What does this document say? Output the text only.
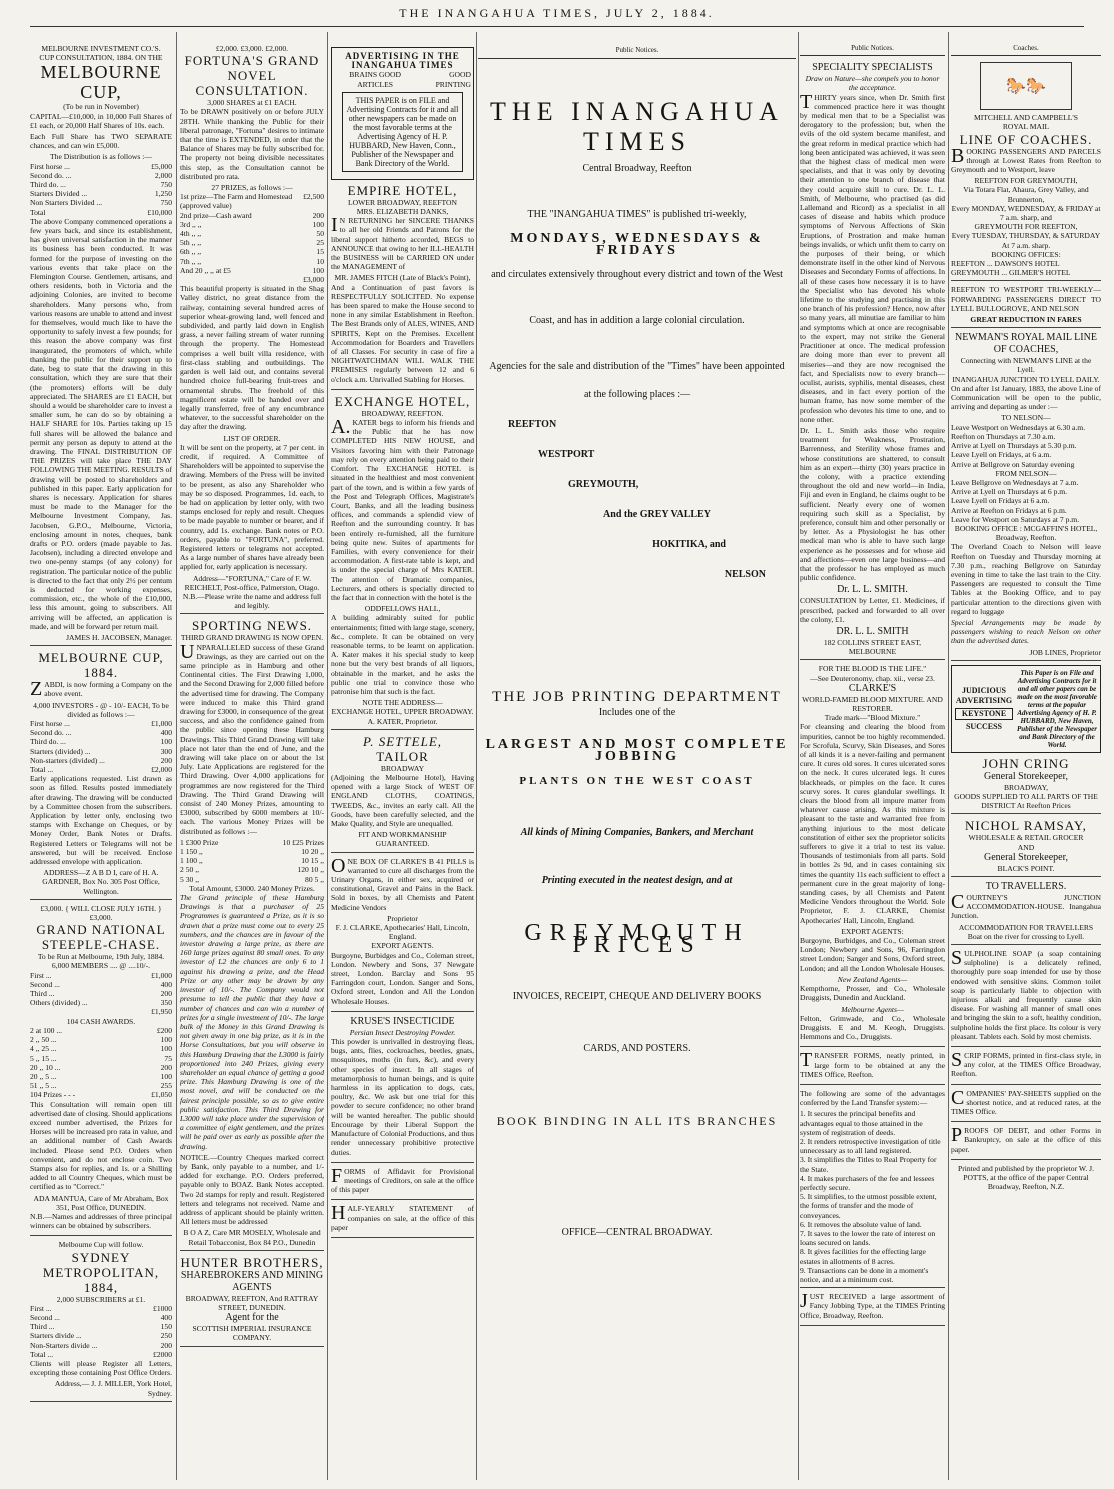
THE INANGAHUA TIMES, JULY 2, 1884.
MELBOURNE INVESTMENT CO.'S.
CUP CONSULTATION, 1884. ON THE
MELBOURNE CUP,
(To be run in November)

CAPITAL—£10,000, in 10,000 Full Shares of £1 each, or 20,000 Half Shares of 10s. each.

Each Full Share has TWO SEPARATE chances, and can win £5,000.

The Distribution is as follows :—
First horse ...	£5,000
Second do. ...	2,000
Third do. ...	750
Starters Divided ...	1,250
Non Starters Divided ...	750
Total	£10,000

The above Company commenced operations a few years back, and since its establishment, has given universal satisfaction in the manner its business has been conducted. It was formed for the purpose of investing on the various events that take place on the Flemington Course. Gentlemen, artisans, and others residents, both in Victoria and the adjoining Colonies, are invited to become shareholders. Many persons who, from various reasons are unable to attend and invest for themselves, would much like to have the opportunity to safely invest a few pounds; for this reason the above company was first inaugurated, the promoters of which, while thanking the public for their support up to date, beg to state that the drawing in this consultation, which they are sure that their (the promoters) efforts will be duly appreciated. The SHARES are £1 EACH, but should a would be shareholder care to invest a smaller sum, he can do so by obtaining a HALF SHARE for 10s. Parties taking up 15 full shares will be allowed the balance and permit any person as deputy to attend at the drawing. The FINAL DISTRIBUTION OF THE PRIZES will take place THE DAY FOLLOWING THE MEETING. RESULTS of drawing will be posted to shareholders and published in this paper. Early application for shares is necessary. Application for shares must be made to the Manager for the Melbourne Investment Company, Jas. Jacobsen, G.P.O., Melbourne, Victoria, enclosing amount in notes, cheques, bank drafts or P.O. orders (made payable to Jas. Jacobsen), including a directed envelope and two one-penny stamps (of any colony) for registration. The particular notice of the public is directed to the fact that only 2½ per centum is deducted for working expenses, commission, etc., the whole of the £10,000, less this amount, going to subscribers. All arriving will be affected, an application is made, and will be forward per return mail.

JAMES H. JACOBSEN, Manager.
MELBOURNE CUP, 1884.

ZABDI, is now forming a Company on the above event.

4,000 INVESTORS - @ - 10/- EACH, To be divided as follows :—
First horse ...	£1,000
Second do. ...	400
Third do. ...	100
Starters (divided) ...	300
Non-starters (divided) ...	200
Total ...	£2,000

Early applications requested. List drawn as soon as filled. Results posted immediately after drawing. The drawing will be conducted by a Committee chosen from the subscribers. Application by letter only, enclosing two stamps with Exchange on Cheques, or by Money Order, Bank Notes or Drafts. Registered Letters or Telegrams will not be answered, but will be received. Enclose addressed envelope with application.

ADDRESS—Z A B D I, care of H. A. GARDNER, Box No. 305 Post Office, Wellington.
£3,000. { WILL CLOSE JULY 16TH. } £3,000.
GRAND NATIONAL STEEPLE-CHASE.
To be Run at Melbourne, 19th July, 1884.
6,000 MEMBERS .... @ ....10/-.
First ...	£1,000
Second ...	400
Third ...	200
Others (divided) ...	350
£1,950
104 CASH AWARDS.
2 at 100 ...	£200
2 ,, 50 ...	100
4 ,, 25 ...	100
5 ,, 15 ...	75
20 ,, 10 ...	200
20 ,, 5 ...	100
51 ,, 5 ...	255
104 Prizes - - -	£1,050

This Consultation will remain open till advertised date of closing. Should applications exceed number advertised, the Prizes for Horses will be increased pro rata in value, and an additional number of Cash Awards included. Please send P.O. Orders when convenient, and do not enclose coin. Two Stamps also for replies, and 1s. or a Shilling added to all Country Cheques, which must be certified as to "Correct."

ADA MANTUA, Care of Mr Abraham, Box 351, Post Office, DUNEDIN.

N.B.—Names and addresses of three principal winners can be obtained by subscribers.

Melbourne Cup will follow.
SYDNEY METROPOLITAN, 1884,
2,000 SUBSCRIBERS at £1.
First ...	£1000
Second ...	400
Third ...	150
Starters divide ...	250
Non-Starters divide ...	200
Total ...	£2000

Clients will please Register all Letters, excepting those containing Post Office Orders.

Address,— J. J. MILLER, York Hotel, Sydney.
£2,000. £3,000. £2,000.
FORTUNA'S GRAND NOVEL CONSULTATION.
3,000 SHARES at £1 EACH.

To be DRAWN positively on or before JULY 28TH. While thanking the Public for their liberal patronage, "Fortuna" desires to intimate that the time is EXTENDED, in order that the Balance of Shares may be fully subscribed for. The property not being divisible necessitates this step, as the Consultation cannot be distributed pro rata.

27 PRIZES, as follows :—
1st prize—The Farm and Homestead (approved value)
£2,500
2nd prize—Cash award	200
3rd ,, ,,	100
4th ,, ,,	50
5th ,, ,,	25
6th ,, ,,	15
7th ,, ,,	10
And 20 ,, ,, at £5	100
£3,000

This beautiful property is situated in the Shag Valley district, no great distance from the railway, containing several hundred acres of superior wheat-growing land, well fenced and subdivided, and partly laid down in English grass, a never failing stream of water running through the property. The Homestead comprises a well built villa residence, with first-class stabling and outbuildings. The garden is well laid out, and contains several hundred choice full-bearing fruit-trees and ornamental shrubs. The freehold of this magnificent estate will be handed over and legally transferred, free of any encumbrance whatever, to the successful shareholder on the day after the drawing.

LIST OF ORDER.

It will be sent on the property, at 7 per cent. in credit, if required. A Committee of Shareholders will be appointed to supervise the drawing. Members of the Press will be invited to be present, as also any Shareholder who may be so disposed. Programmes, 1d. each, to be had on application by letter only, with two stamps enclosed for reply and result. Cheques to be made payable to number or bearer, and if country, add 1s. exchange. Bank notes or P.O. orders, payable to "FORTUNA", preferred. Registered letters or telegrams not accepted. As a large number of shares have already been applied for, early application is necessary.

Address—"FORTUNA," Care of F. W. REICHELT, Post-office, Palmerston, Otago. N.B.—Please write the name and address full and legibly.
SPORTING NEWS.
THIRD GRAND DRAWING IS NOW OPEN.

UNPARALLELED success of these Grand Drawings, as they are carried out on the same principle as in Hamburg and other Continental cities. The First Drawing 1,000, and the Second Drawing for 2,000 filled before the advertised time for drawing. The Company were induced to make this Third grand drawing for £3000, in consequence of the great success, and also the confidence gained from the public since opening these Hamburg Drawings. This Third Grand Drawing will take place not later than the end of June, and the drawing will take place on or about the 1st July. Late Applications are registered for the Third Drawing. Over 4,000 applications for programmes are now registered for the Third Drawing. The Third Grand Drawing will consist of 240 Money Prizes, amounting to £3000, subscribed by 6000 members at 10/- each. The various Money Prizes will be distributed as follows :—

1 £300 Prize	10 £25 Prizes
1 150 ,,	10 20 ,,
1 100 ,,	10 15 ,,
2 50 ,,	120 10 ,,
5 30 ,,	80 5 ,,
Total Amount, £3000. 240 Money Prizes.

The Grand principle of these Hamburg Drawings is that a purchaser of 25 Programmes is guaranteed a Prize, as it is so drawn that a prize must come out to every 25 numbers, and the chances are in favour of the investor drawing a large prize, as there are 160 large prizes against 80 small ones. To any investor of L2 the chances are only 6 to 1 against his drawing a prize, and the Head Prize or any other may be drawn by any investor of 10/-. The Company would not presume to tell the public that they have a number of chances and can win a number of prizes for a single investment of 10/-. The large bulk of the Money in this Grand Drawing is not given away in one big prize, as it is in the Horse Consultations, but you will observe in this Hamburg Drawing that the L3000 is fairly proportioned into 240 Prizes, giving every shareholder an equal chance of getting a good prize. This Hamburg Drawing is one of the most novel, and will be conducted on the fairest principle possible, so as to give entire public satisfaction. This Third Drawing for L3000 will take place under the supervision of a committee of eight gentlemen, and the prizes will be paid over as early as possible after the drawing.

NOTICE.—Country Cheques marked correct by Bank, only payable to a number, and 1/- added for exchange. P.O. Orders preferred, payable only to BOAZ. Bank Notes accepted. Two 2d stamps for reply and result. Registered letters and telegrams not received. Name and address of applicant should be plainly written. All letters must be addressed

B O A Z, Care MR MOSELY, Wholesale and Retail Tobacconist, Box 84 P.O., Dunedin
HUNTER BROTHERS,
SHAREBROKERS AND MINING AGENTS
BROADWAY, REEFTON, And RATTRAY STREET, DUNEDIN.
Agent for the
SCOTTISH IMPERIAL INSURANCE COMPANY.
ADVERTISING IN THE INANGAHUA TIMES
BRAINS GOOD ARTICLES
GOOD PRINTING
THIS PAPER is on FILE and Advertising Contracts for it and all other newspapers can be made on the most favorable terms at the Advertising Agency of H. P. HUBBARD, New Haven, Conn., Publisher of the Newspaper and Bank Directory of the World.
EMPIRE HOTEL,
LOWER BROADWAY, REEFTON
MRS. ELIZABETH DANKS,

IN RETURNING her SINCERE THANKS to all her old Friends and Patrons for the liberal support hitherto accorded, BEGS to ANNOUNCE that owing to her ILL-HEALTH the BUSINESS will be CARRIED ON under the MANAGEMENT of

MR. JAMES FITCH (Late of Black's Point),

And a Continuation of past favors is RESPECTFULLY SOLICITED. No expense has been spared to make the House second to none in any similar Establishment in Reefton. The Best Brands only of ALES, WINES, AND SPIRITS, Kept on the Premises. Excellent Accommodation for Boarders and Travellers of all Classes. For security in case of fire a NIGHTWATCHMAN WILL WALK THE PREMISES regularly between 12 and 6 o'clock a.m. Unrivalled Stabling for Horses.

EXCHANGE HOTEL,
BROADWAY, REEFTON.

A.KATER begs to inform his friends and the Public that he has now COMPLETED HIS NEW HOUSE, and Visitors favoring him with their Patronage may rely on every attention being paid to their Comfort. The EXCHANGE HOTEL is situated in the healthiest and most convenient part of the town, and is within a few yards of the Post and Telegraph Offices, Magistrate's Court, Banks, and all the leading business offices, and commands a splendid view of Reefton and the surrounding country. It has been entirely re-furnished, all the furniture being quite new. Suites of apartments for Families, with every convenience for their accommodation. A first-rate table is kept, and is under the special charge of Mrs KATER. The attention of Dramatic companies, Lecturers, and others is specially directed to the fact that in connection with the hotel is the

ODDFELLOWS HALL,

A building admirably suited for public entertainments; fitted with large stage, scenery, &c., complete. It can be obtained on very reasonable terms, to be learnt on application. A. Kater makes it his special study to keep none but the very best brands of all liquors, obtainable in the market, and he asks the public one trial to convince those who patronise him that such is the fact.

NOTE THE ADDRESS—
EXCHANGE HOTEL, UPPER BROADWAY. A. KATER, Proprietor.
P. SETTELE,
TAILOR
BROADWAY

(Adjoining the Melbourne Hotel), Having opened with a large Stock of WEST OF ENGLAND CLOTHS, COATINGS, TWEEDS, &c., invites an early call. All the Goods, have been carefully selected, and the Make Quality, and Style are unequalled.

FIT AND WORKMANSHIP GUARANTEED.

ONE BOX OF CLARKE'S B 41 PILLS is warranted to cure all discharges from the Urinary Organs, in either sex, acquired or constitutional, Gravel and Pains in the Back. Sold in boxes, by all Chemists and Patent Medicine Vendors

Proprietor
F. J. CLARKE, Apothecaries' Hall, Lincoln, England.
EXPORT AGENTS.

Burgoyne, Burbidges and Co., Coleman street, London. Newbery and Sons, 37 Newgate street, London. Barclay and Sons 95 Farringdon court, London. Sanger and Sons, Oxford street, London and All the London Wholesale Houses.

KRUSE'S INSECTICIDE
Persian Insect Destroying Powder.

This powder is unrivalled in destroying fleas, bugs, ants, flies, cockroaches, beetles, gnats, mosquitoes, moths (in furs, &c), and every other species of insect. In all stages of metamorphosis to human beings, and is quite harmless in its application to dogs, cats, poultry, &c. We ask but one trial for this powder to secure confidence; no other brand will be wanted hereafter. The public should Encourage by their Liberal Support the Manufacture of Colonial Productions, and thus render unnecessary prohibitive protective duties.

FORMS of Affidavit for Provisional meetings of Creditors, on sale at the office of this paper

HALF-YEARLY STATEMENT of companies on sale, at the office of this paper

Public Notices.
THE INANGAHUA TIMES
Central Broadway, Reefton
THE "INANGAHUA TIMES" is published tri-weekly,
MONDAYS, WEDNESDAYS & FRIDAYS
and circulates extensively throughout every district and town of the West
Coast, and has in addition a large colonial circulation.
Agencies for the sale and distribution of the "Times" have been appointed
at the following places :—
REEFTON
WESTPORT
GREYMOUTH,
And the GREY VALLEY
HOKITIKA, and
NELSON
THE JOB PRINTING DEPARTMENT
Includes one of the
LARGEST AND MOST COMPLETE JOBBING
PLANTS ON THE WEST COAST
All kinds of Mining Companies, Bankers, and Merchant
Printing executed in the neatest design, and at
GREYMOUTH PRICES
INVOICES, RECEIPT, CHEQUE AND DELIVERY BOOKS
CARDS, AND POSTERS.
BOOK BINDING IN ALL ITS BRANCHES
OFFICE—CENTRAL BROADWAY.
Public Notices.
SPECIALITY SPECIALISTS
Draw on Nature—she compels you to honor the acceptance.

THIRTY years since, when Dr. Smith first commenced practice here it was thought by medical men that to be a Specialist was derogatory to the profession; but, when the evils of the old system became manifest, and the great reform in medical practice which had long been anticipated was achieved, it was seen that the highest class of medical men were specialists, and that it was only by devoting their attention to one branch of disease that they could acquire skill to cure. Dr. L. L. Smith, of Melbourne, who practised (as did Lallemand and Ricord) as a specialist in all cases of disease and habits which produce symptoms of Nervous Affections of Skin Eruptions, of Prostration and make human beings invalids, or which unfit them to carry on the purposes of their being, or which demonstrate itself in the other kind of Nervous Diseases and Secondary Forms of affections. In all of these cases how necessary it is to have the Specialist who has devoted his whole lifetime to the studying and practising in this one branch of his profession? Hence, now after so many years, all minutiae are familiar to him and symptoms which at once are recognisable to the expert, may not strike the General Practitioner at once. The medical profession are doing more than ever to prevent all miseries—and they are now recognised the fact, and Specialists now to every branch—oculist, aurists, syphilis, mental diseases, chest diseases, and in fact every portion of the human frame, has now some member of the profession who devotes his time to one, and to none other.

Dr. L. L. Smith asks those who require treatment for Weakness, Prostration, Barrenness, and Sterility whose frames and whose constitutions are shattered, to consult him as an expert—thirty (30) years practice in the colony, with a practice extending throughout the old and new world—in India, Fiji and even in England, he claims ought to be sufficient. Nearly every one of women requiring such skill as a Specialist, by preference, consult him and other personally or by letter. As a Physiologist he has other medical man who is able to have such large experience as he possesses and for whose aid and affections—even one large business—and that the professor he has employed as much public confidence.

Dr. L. L. SMITH.

CONSULTATION by Letter, £1. Medicines, if prescribed, packed and forwarded to all over the colony, £1.

DR. L. L. SMITH
182 COLLINS STREET EAST, MELBOURNE
FOR THE BLOOD IS THE LIFE."
—See Deuteronomy, chap. xii., verse 23.
CLARKE'S
WORLD-FAMED BLOOD MIXTURE. AND RESTORER.
Trade mark—"Blood Mixture."

For cleansing and clearing the blood from impurities, cannot be too highly recommended. For Scrofula, Scurvy, Skin Diseases, and Sores of all kinds it is a never-failing and permanent cure. It cures old sores. It cures ulcerated sores on the neck. It cures ulcerated legs. It cures blackheads, or pimples on the face. It cures scurvy sores. It cures glandular swellings. It clears the blood from all impure matter from whatever cause arising. As this mixture is pleasant to the taste and warranted free from anything injurious to the most delicate constitution of either sex the proprietor solicits sufferers to give it a trial to test its value. Thousands of testimonials from all parts. Sold in bottles 2s 9d, and in cases containing six times the quantity 11s each sufficient to effect a permanent cure in the great majority of long-standing cases, by all Chemists and Patent Medicine Vendors throughout the World. Sole Proprietor, F. J. CLARKE, Chemist Apothecaries' Hall, Lincoln, England.

EXPORT AGENTS:

Burgoyne, Burbidges, and Co., Coleman street London; Newbery and Sons, 96, Farringdon street London; Sanger and Sons, Oxford street, London; and all the London Wholesale Houses.

New Zealand Agents—

Kempthorne, Prosser, and Co., Wholesale Druggists, Dunedin and Auckland.

Melbourne Agents—

Felton, Grimwade, and Co., Wholesale Druggists. E and M. Keogh, Druggists. Hemmons and Co., Druggists.

TRANSFER FORMS, neatly printed, in large form to be obtained at any the TIMES Office, Reefton.

The following are some of the advantages conferred by the Land Transfer system:—

1. It secures the principal benefits and advantages equal to those attained in the system of registration of deeds.
2. It renders retrospective investigation of title unnecessary as to all land registered.
3. It simplifies the Titles to Real Property for the State.
4. It makes purchasers of the fee and lessees perfectly secure.
5. It simplifies, to the utmost possible extent, the forms of transfer and the mode of conveyances.
6. It removes the absolute value of land.
7. It saves to the lower the rate of interest on loans secured on lands.
8. It gives facilities for the effecting large estates in allotments of 8 acres.
9. Transactions can be done in a moment's notice, and at a minimum cost.

JUST RECEIVED a large assortment of Fancy Jobbing Type, at the TIMES Printing Office, Broadway, Reefton.

Coaches.
🐎🐎
MITCHELL AND CAMPBELL'S
ROYAL MAIL
LINE OF COACHES.

BOOKING PASSENGERS AND PARCELS through at Lowest Rates from Reefton to Greymouth and to Westport, leave

REEFTON FOR GREYMOUTH,
Via Totara Flat, Ahaura, Grey Valley, and Brunnerton,
Every MONDAY, WEDNESDAY, & FRIDAY at 7 a.m. sharp, and
GREYMOUTH FOR REEFTON,
Every TUESDAY, THURSDAY, & SATURDAY At 7 a.m. sharp.
BOOKING OFFICES:
REEFTON ... DAWSON'S HOTEL
GREYMOUTH ... GILMER'S HOTEL

REEFTON TO WESTPORT TRI-WEEKLY—FORWARDING PASSENGERS DIRECT TO LYELL BULLOGROVE, AND NELSON

GREAT REDUCTION IN FARES
NEWMAN'S ROYAL MAIL LINE OF COACHES,
Connecting with NEWMAN'S LINE at the Lyell.
INANGAHUA JUNCTION TO LYELL DAILY.

On and after 1st January, 1883, the above Line of Communication will be open to the public, arriving and departing as under :—

TO NELSON—
Leave Westport on Wednesdays at 6.30 a.m.
Reefton on Thursdays at 7.30 a.m.
Arrive at Lyell on Thursdays at 5.30 p.m.
Leave Lyell on Fridays, at 6 a.m.
Arrive at Bellgrove on Saturday evening
FROM NELSON—
Leave Bellgrove on Wednesdays at 7 a.m.
Arrive at Lyell on Thursdays at 6 p.m.
Leave Lyell on Fridays at 6 a.m.
Arrive at Reefton on Fridays at 6 p.m.
Leave for Westport on Saturdays at 7 p.m.
BOOKING OFFICE : MCGAFFIN'S HOTEL, Broadway, Reefton.

The Overland Coach to Nelson will leave Reefton on Tuesday and Thursday morning at 7.30 p.m., reaching Bellgrove on Saturday evening in time to take the last train to the City. Passengers are requested to consult the Time Tables at the Booking Office, and to pay particular attention to the directions given with regard to luggage

Special Arrangements may be made by passengers wishing to reach Nelson on other than the advertised dates.

JOB LINES, Proprietor
JUDICIOUS ADVERTISING
KEYSTONE
SUCCESS
This Paper is on File and Advertising Contracts for it and all other papers can be made on the most favorable terms at the popular Advertising Agency of H. P. HUBBARD, New Haven, Publisher of the Newspaper and Bank Directory of the World.
JOHN CRING
General Storekeeper,
BROADWAY,
GOODS SUPPLIED TO ALL PARTS OF THE DISTRICT At Reefton Prices
NICHOL RAMSAY,
WHOLESALE & RETAIL GROCER
AND
General Storekeeper,
BLACK'S POINT.
TO TRAVELLERS.

COURTNEY'S JUNCTION ACCOMMODATION-HOUSE. Inangahua Junction.

ACCOMMODATION FOR TRAVELLERS
Boat on the river for crossing to Lyell.

SULPHOLINE SOAP (a soap containing sulpholine) is a delicately refined, thoroughly pure soap intended for use by those endowed with sensitive skins. Common toilet soap is particularly liable to objection with injurious alkali and frequently cause skin disease. For washing all manner of small ones and bringing the skin to a soft, healthy condition, sulpholine holds the first place. Its colour is very pleasant. Tablets each. Sold by most chemists.

SCRIP FORMS, printed in first-class style, in any color, at the TIMES Office Broadway, Reefton.

COMPANIES' PAY-SHEETS supplied on the shortest notice, and at reduced rates, at the TIMES Office.

PROOFS OF DEBT, and other Forms in Bankruptcy, on sale at the office of this paper.

Printed and published by the proprietor W. J. POTTS, at the office of the paper Central Broadway, Reefton, N.Z.
